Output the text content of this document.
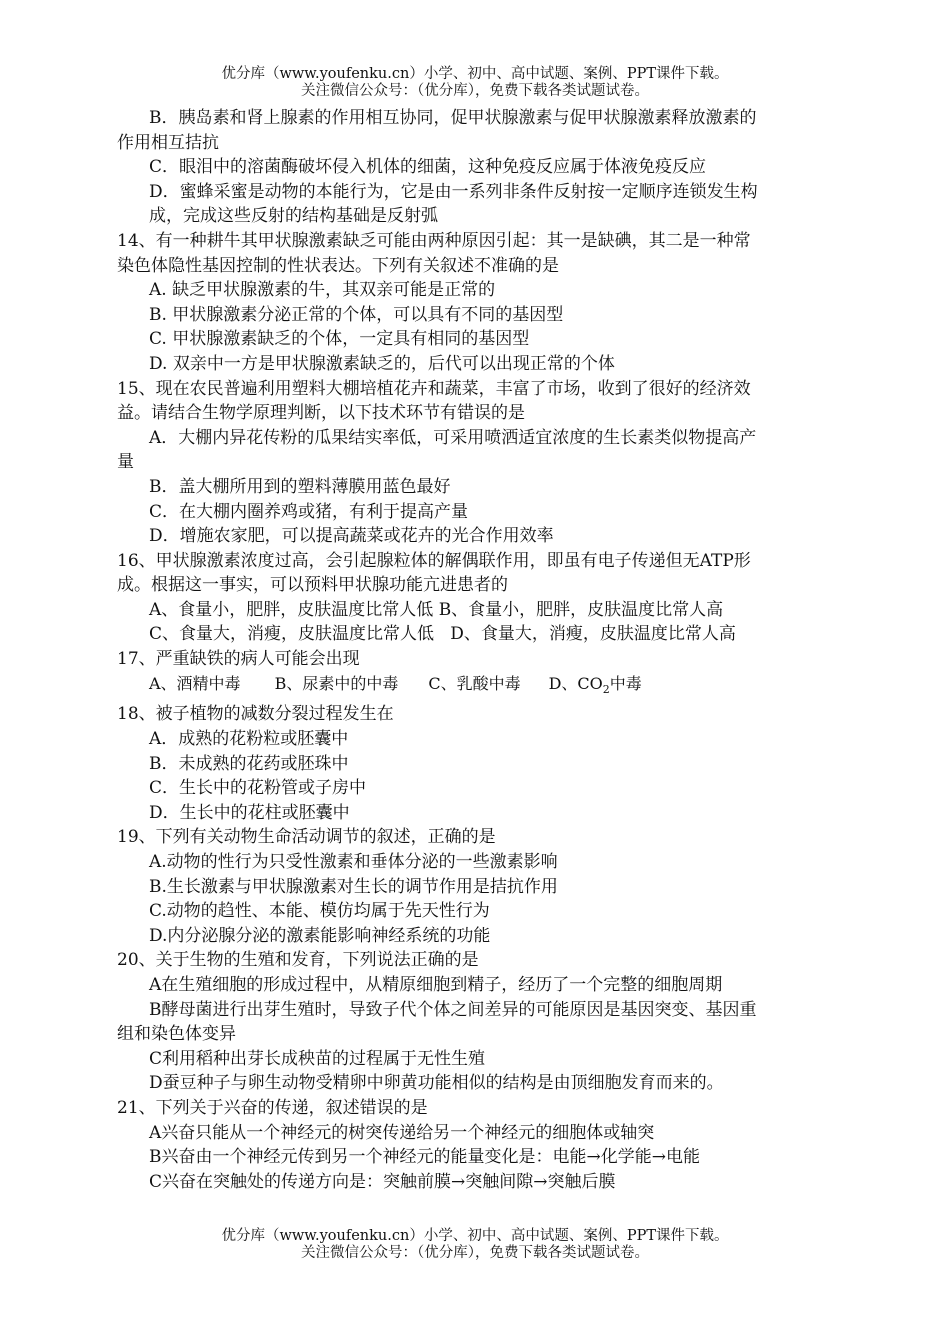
优分库（www.youfenku.cn）小学、初中、高中试题、案例、PPT课件下载。
关注微信公众号：（优分库），免费下载各类试题试卷。

B．胰岛素和肾上腺素的作用相互协同，促甲状腺激素与促甲状腺激素释放激素的

作用相互拮抗

C．眼泪中的溶菌酶破坏侵入机体的细菌，这种免疫反应属于体液免疫反应

D．蜜蜂采蜜是动物的本能行为，它是由一系列非条件反射按一定顺序连锁发生构

成，完成这些反射的结构基础是反射弧

14、有一种耕牛其甲状腺激素缺乏可能由两种原因引起：其一是缺碘，其二是一种常

染色体隐性基因控制的性状表达。下列有关叙述不准确的是

A. 缺乏甲状腺激素的牛，其双亲可能是正常的

B. 甲状腺激素分泌正常的个体，可以具有不同的基因型

C. 甲状腺激素缺乏的个体，一定具有相同的基因型

D. 双亲中一方是甲状腺激素缺乏的，后代可以出现正常的个体

15、现在农民普遍利用塑料大棚培植花卉和蔬菜，丰富了市场，收到了很好的经济效

益。请结合生物学原理判断，以下技术环节有错误的是

A．大棚内异花传粉的瓜果结实率低，可采用喷洒适宜浓度的生长素类似物提高产

量

B．盖大棚所用到的塑料薄膜用蓝色最好

C．在大棚内圈养鸡或猪，有利于提高产量

D．增施农家肥，可以提高蔬菜或花卉的光合作用效率

16、甲状腺激素浓度过高，会引起腺粒体的解偶联作用，即虽有电子传递但无ATP形

成。根据这一事实，可以预料甲状腺功能亢进患者的

A、食量小，肥胖，皮肤温度比常人低 B、食量小，肥胖，皮肤温度比常人高

C、食量大，消瘦，皮肤温度比常人低 D、食量大，消瘦，皮肤温度比常人高

17、严重缺铁的病人可能会出现

A、酒精中毒 B、尿素中的中毒 C、乳酸中毒 D、$CO_2$中毒

18、被子植物的减数分裂过程发生在

A．成熟的花粉粒或胚囊中

B．未成熟的花药或胚珠中

C．生长中的花粉管或子房中

D．生长中的花柱或胚囊中

19、下列有关动物生命活动调节的叙述，正确的是

A.动物的性行为只受性激素和垂体分泌的一些激素影响

B.生长激素与甲状腺激素对生长的调节作用是拮抗作用

C.动物的趋性、本能、模仿均属于先天性行为

D.内分泌腺分泌的激素能影响神经系统的功能

20、关于生物的生殖和发育，下列说法正确的是

A在生殖细胞的形成过程中，从精原细胞到精子，经历了一个完整的细胞周期

B酵母菌进行出芽生殖时，导致子代个体之间差异的可能原因是基因突变、基因重

组和染色体变异

C利用稻种出芽长成秧苗的过程属于无性生殖

D蚕豆种子与卵生动物受精卵中卵黄功能相似的结构是由顶细胞发育而来的。

21、下列关于兴奋的传递，叙述错误的是

A兴奋只能从一个神经元的树突传递给另一个神经元的细胞体或轴突

B兴奋由一个神经元传到另一个神经元的能量变化是：电能→化学能→电能

C兴奋在突触处的传递方向是：突触前膜→突触间隙→突触后膜

优分库（www.youfenku.cn）小学、初中、高中试题、案例、PPT课件下载。
关注微信公众号：（优分库），免费下载各类试题试卷。
